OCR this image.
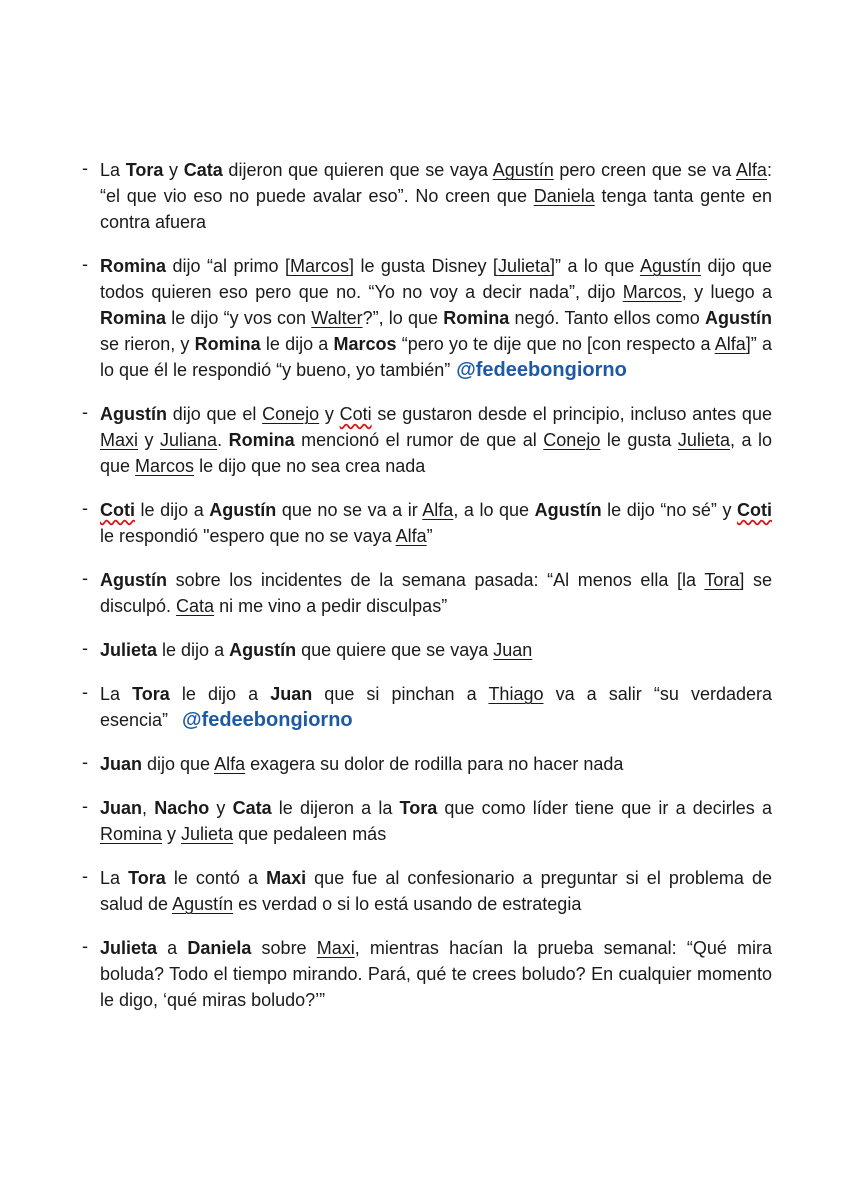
- La Tora y Cata dijeron que quieren que se vaya Agustín pero creen que se va Alfa: “el que vio eso no puede avalar eso”. No creen que Daniela tenga tanta gente en contra afuera
- Romina dijo “al primo [Marcos] le gusta Disney [Julieta]” a lo que Agustín dijo que todos quieren eso pero que no. “Yo no voy a decir nada”, dijo Marcos, y luego a Romina le dijo “y vos con Walter?”, lo que Romina negó. Tanto ellos como Agustín se rieron, y Romina le dijo a Marcos “pero yo te dije que no [con respecto a Alfa]” a lo que él le respondió “y bueno, yo también” @fedeebongiorno
- Agustín dijo que el Conejo y Coti se gustaron desde el principio, incluso antes que Maxi y Juliana. Romina mencionó el rumor de que al Conejo le gusta Julieta, a lo que Marcos le dijo que no sea crea nada
- Coti le dijo a Agustín que no se va a ir Alfa, a lo que Agustín le dijo “no sé” y Coti le respondió "espero que no se vaya Alfa”
- Agustín sobre los incidentes de la semana pasada: “Al menos ella [la Tora] se disculpó. Cata ni me vino a pedir disculpas”
- Julieta le dijo a Agustín que quiere que se vaya Juan
- La Tora le dijo a Juan que si pinchan a Thiago va a salir “su verdadera esencia” @fedeebongiorno
- Juan dijo que Alfa exagera su dolor de rodilla para no hacer nada
- Juan, Nacho y Cata le dijeron a la Tora que como líder tiene que ir a decirles a Romina y Julieta que pedaleen más
- La Tora le contó a Maxi que fue al confesionario a preguntar si el problema de salud de Agustín es verdad o si lo está usando de estrategia
- Julieta a Daniela sobre Maxi, mientras hacían la prueba semanal: “Qué mira boluda? Todo el tiempo mirando. Pará, qué te crees boludo? En cualquier momento le digo, ‘qué miras boludo?’”
